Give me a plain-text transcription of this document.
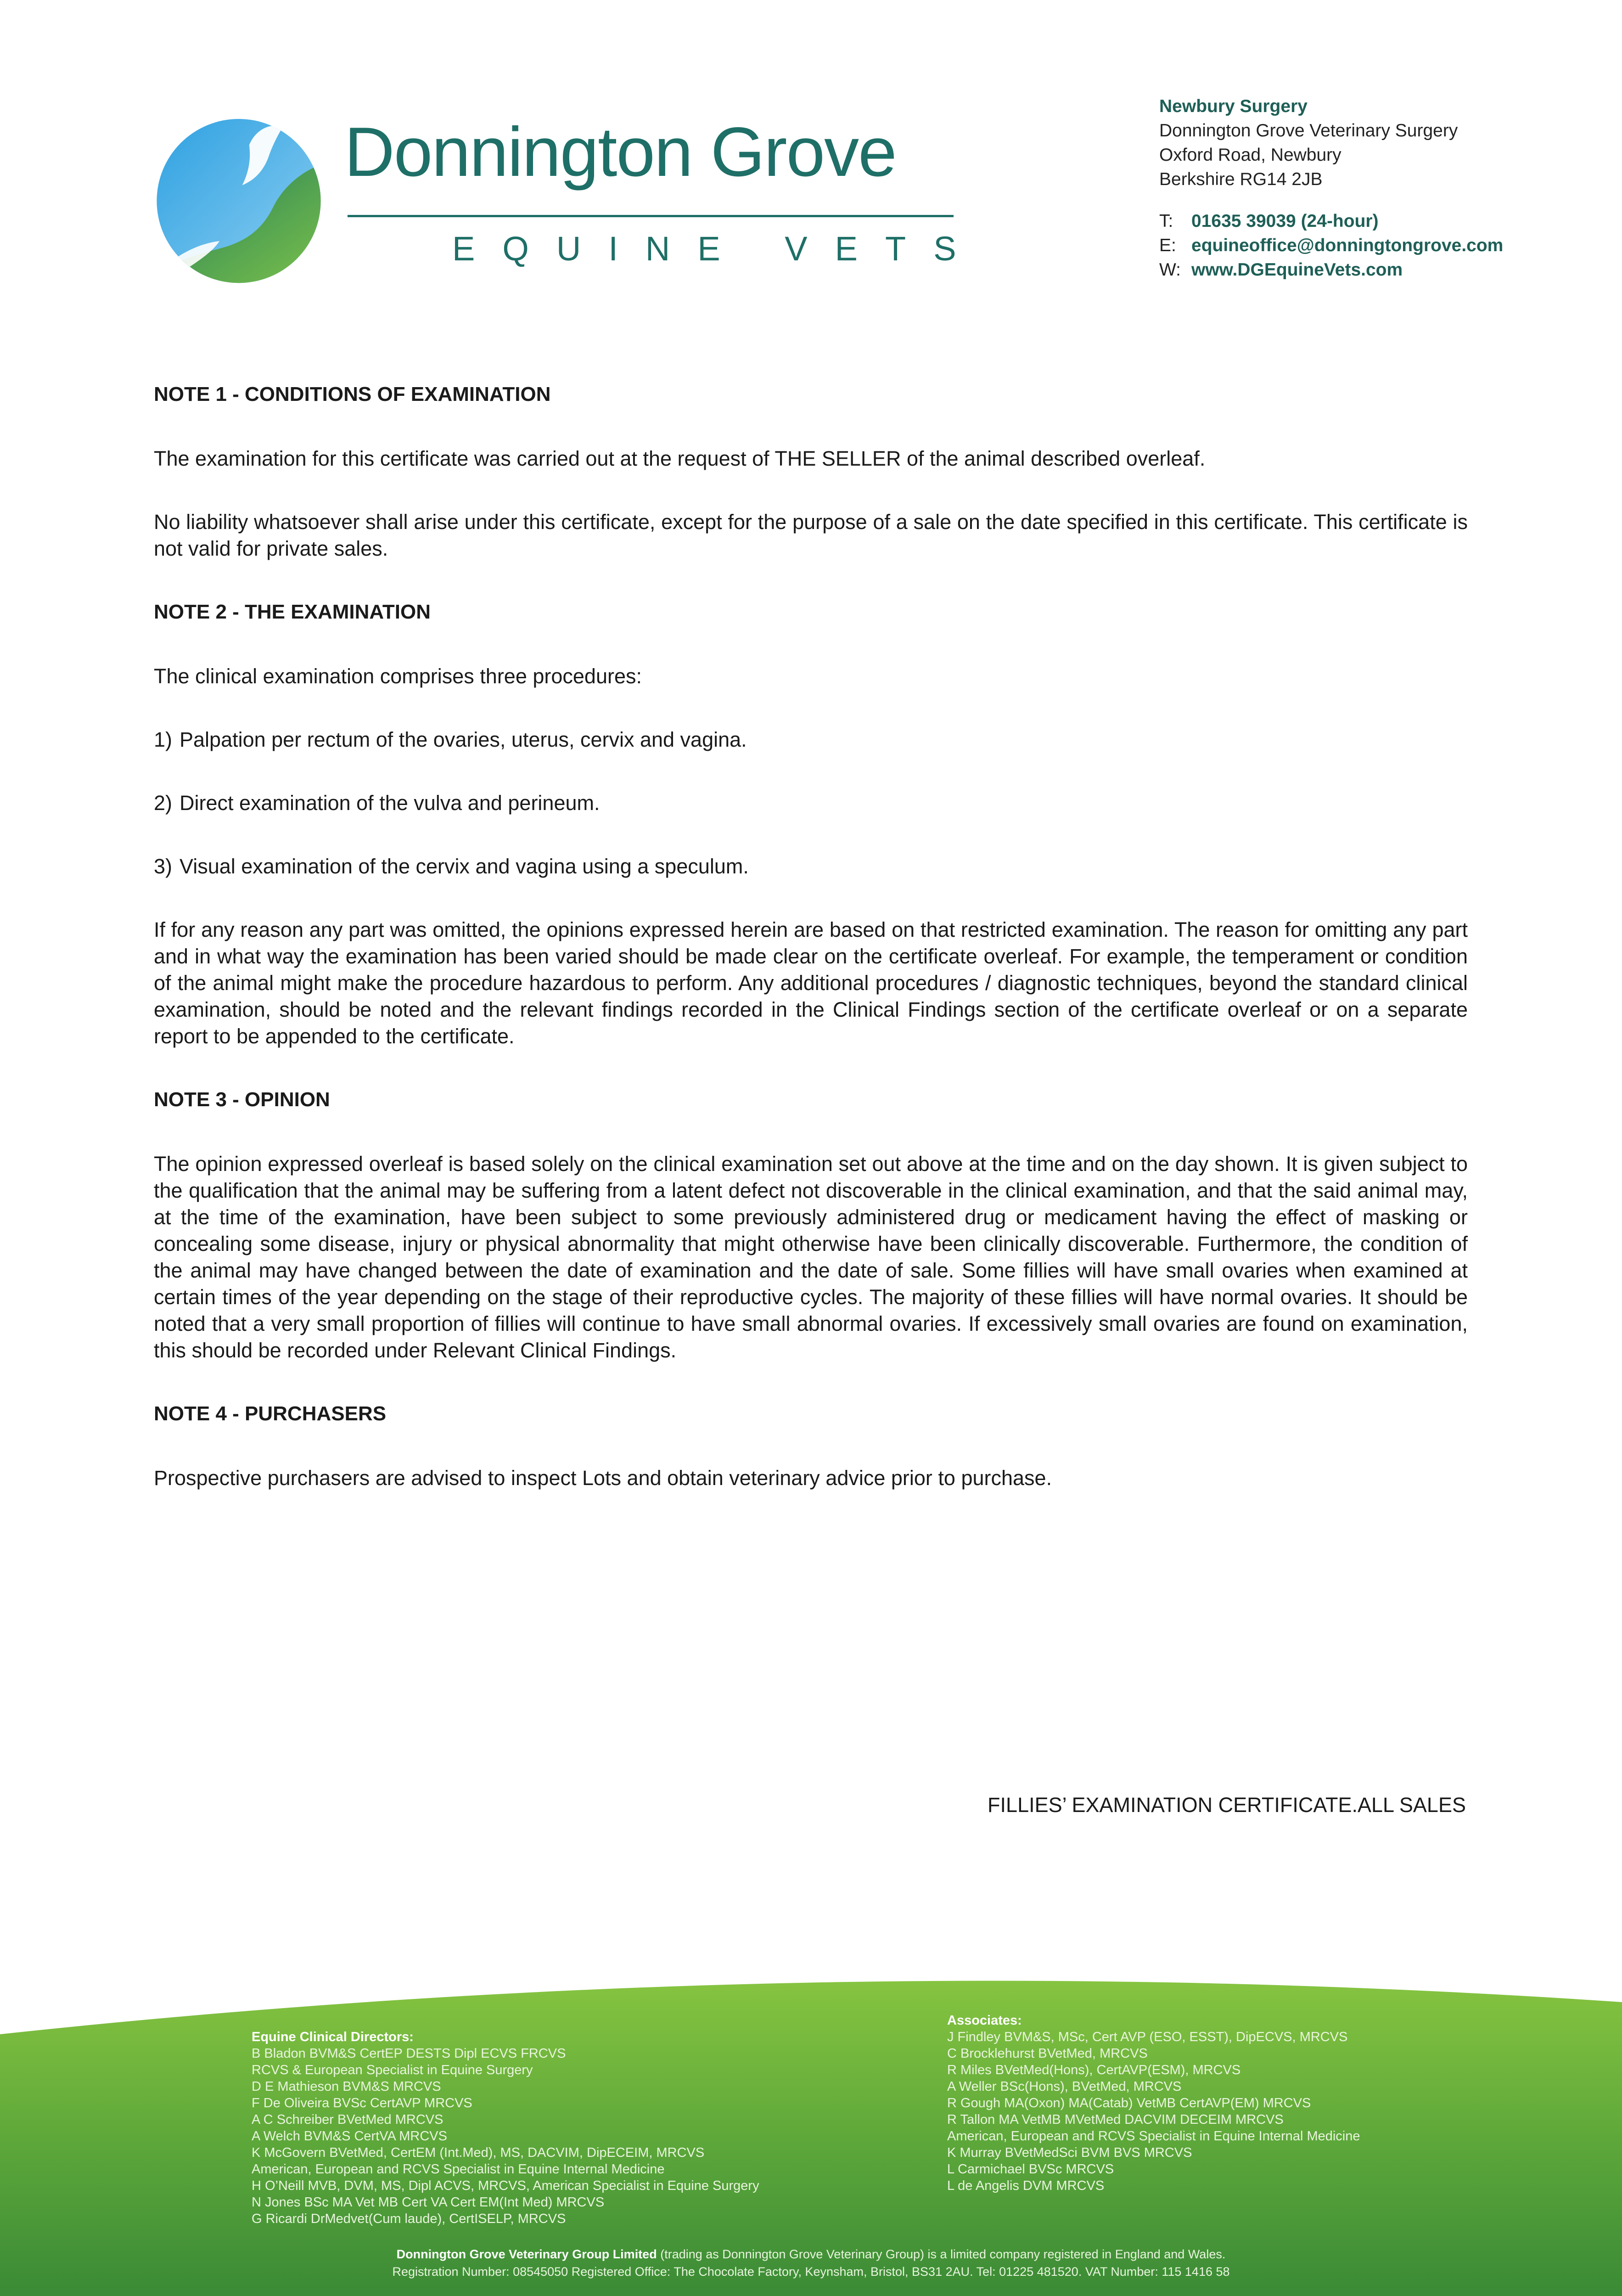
Donnington Grove
EQUINE VETS
Newbury Surgery
Donnington Grove Veterinary Surgery
Oxford Road, Newbury
Berkshire RG14 2JB
T: 01635 39039 (24-hour)
E: equineoffice@donningtongrove.com
W: www.DGEquineVets.com
NOTE 1 - CONDITIONS OF EXAMINATION
The examination for this certificate was carried out at the request of THE SELLER of the animal described overleaf.
No liability whatsoever shall arise under this certificate, except for the purpose of a sale on the date specified in this certificate. This certificate is not valid for private sales.
NOTE 2 - THE EXAMINATION
The clinical examination comprises three procedures:
1) Palpation per rectum of the ovaries, uterus, cervix and vagina.
2) Direct examination of the vulva and perineum.
3) Visual examination of the cervix and vagina using a speculum.
If for any reason any part was omitted, the opinions expressed herein are based on that restricted examination. The reason for omitting any part and in what way the examination has been varied should be made clear on the certificate overleaf. For example, the temperament or condition of the animal might make the procedure hazardous to perform. Any additional procedures / diagnostic techniques, beyond the standard clinical examination, should be noted and the relevant findings recorded in the Clinical Findings section of the certificate overleaf or on a separate report to be appended to the certificate.
NOTE 3 - OPINION
The opinion expressed overleaf is based solely on the clinical examination set out above at the time and on the day shown. It is given subject to the qualification that the animal may be suffering from a latent defect not discoverable in the clinical examination, and that the said animal may, at the time of the examination, have been subject to some previously administered drug or medicament having the effect of masking or concealing some disease, injury or physical abnormality that might otherwise have been clinically discoverable. Furthermore, the condition of the animal may have changed between the date of examination and the date of sale. Some fillies will have small ovaries when examined at certain times of the year depending on the stage of their reproductive cycles. The majority of these fillies will have normal ovaries. It should be noted that a very small proportion of fillies will continue to have small abnormal ovaries. If excessively small ovaries are found on examination, this should be recorded under Relevant Clinical Findings.
NOTE 4 - PURCHASERS
Prospective purchasers are advised to inspect Lots and obtain veterinary advice prior to purchase.
FILLIES’ EXAMINATION CERTIFICATE.ALL SALES
Equine Clinical Directors:
B Bladon BVM&S CertEP DESTS Dipl ECVS FRCVS
RCVS & European Specialist in Equine Surgery
D E Mathieson BVM&S MRCVS
F De Oliveira BVSc CertAVP MRCVS
A C Schreiber BVetMed MRCVS
A Welch BVM&S CertVA MRCVS
K McGovern BVetMed, CertEM (Int.Med), MS, DACVIM, DipECEIM, MRCVS
American, European and RCVS Specialist in Equine Internal Medicine
H O’Neill MVB, DVM, MS, Dipl ACVS, MRCVS, American Specialist in Equine Surgery
N Jones BSc MA Vet MB Cert VA Cert EM(Int Med) MRCVS
G Ricardi DrMedvet(Cum laude), CertISELP, MRCVS
Associates:
J Findley BVM&S, MSc, Cert AVP (ESO, ESST), DipECVS, MRCVS
C Brocklehurst BVetMed, MRCVS
R Miles BVetMed(Hons), CertAVP(ESM), MRCVS
A Weller BSc(Hons), BVetMed, MRCVS
R Gough MA(Oxon) MA(Catab) VetMB CertAVP(EM) MRCVS
R Tallon MA VetMB MVetMed DACVIM DECEIM MRCVS
American, European and RCVS Specialist in Equine Internal Medicine
K Murray BVetMedSci BVM BVS MRCVS
L Carmichael BVSc MRCVS
L de Angelis DVM MRCVS
Donnington Grove Veterinary Group Limited (trading as Donnington Grove Veterinary Group) is a limited company registered in England and Wales.
Registration Number: 08545050 Registered Office: The Chocolate Factory, Keynsham, Bristol, BS31 2AU. Tel: 01225 481520. VAT Number: 115 1416 58
